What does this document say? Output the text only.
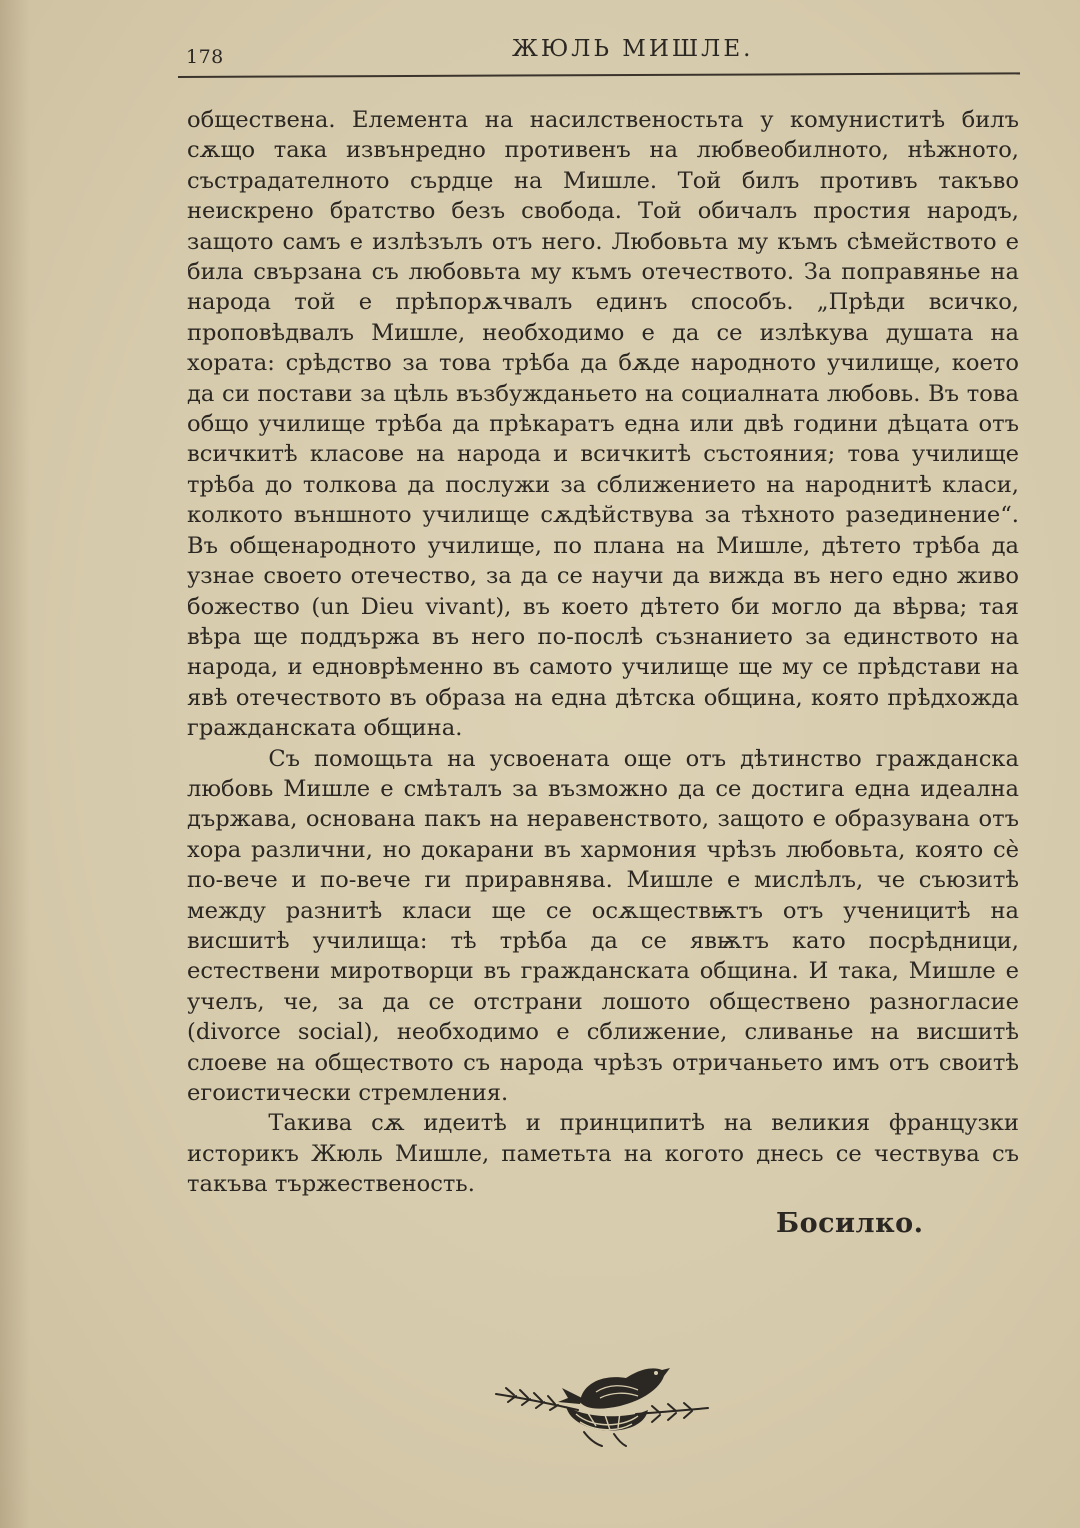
178	ЖЮЛЬ МИШЛЕ.

обществена. Елемента на насилственостьта у комуниститѣ билъ сѫщо така извънредно противенъ на любвеобилното, нѣжното, състрадателното сърдце на Мишле. Той билъ противъ такъво неискрено братство безъ свобода. Той обичалъ простия народъ, защото самъ е излѣзълъ отъ него. Любовьта му къмъ сѣмейството е била свързана съ любовьта му къмъ отечеството. За поправянье на народа той е прѣпорѫчвалъ единъ способъ. „Прѣди всичко, проповѣдвалъ Мишле, необходимо е да се излѣкува душата на хората: срѣдство за това трѣба да бѫде народното училище, което да си постави за цѣль възбужданьето на социалната любовь. Въ това общо училище трѣба да прѣкаратъ една или двѣ години дѣцата отъ всичкитѣ класове на народа и всичкитѣ състояния; това училище трѣба до толкова да послужи за сближението на народнитѣ класи, колкото външното училище сѫдѣйствува за тѣхното разединение“. Въ общенародното училище, по плана на Мишле, дѣтето трѣба да узнае своето отечество, за да се научи да вижда въ него едно живо божество (un Dieu vivant), въ което дѣтето би могло да вѣрва; тая вѣра ще поддържа въ него по-послѣ съзнанието за единството на народа, и едноврѣменно въ самото училище ще му се прѣдстави на явѣ отечеството въ образа на една дѣтска община, която прѣдхожда гражданската община.

Съ помощьта на усвоената още отъ дѣтинство гражданска любовь Мишле е смѣталъ за възможно да се достига една идеална държава, основана пакъ на неравенството, защото е образувана отъ хора различни, но докарани въ хармония чрѣзъ любовьта, която сѐ по-вече и по-вече ги приравнява. Мишле е мислѣлъ, че съюзитѣ между разнитѣ класи ще се осѫществѭтъ отъ ученицитѣ на висшитѣ училища: тѣ трѣба да се явѭтъ като посрѣдници, естествени миротворци въ гражданската община. И така, Мишле е учелъ, че, за да се отстрани лошото обществено разногласие (divorce social), необходимо е сближение, сливанье на висшитѣ слоеве на обществото съ народа чрѣзъ отричаньето имъ отъ своитѣ егоистически стремления.

Такива сѫ идеитѣ и принципитѣ на великия французки историкъ Жюль Мишле, паметьта на когото днесь се чествува съ такъва тържественость.

Босилко.
